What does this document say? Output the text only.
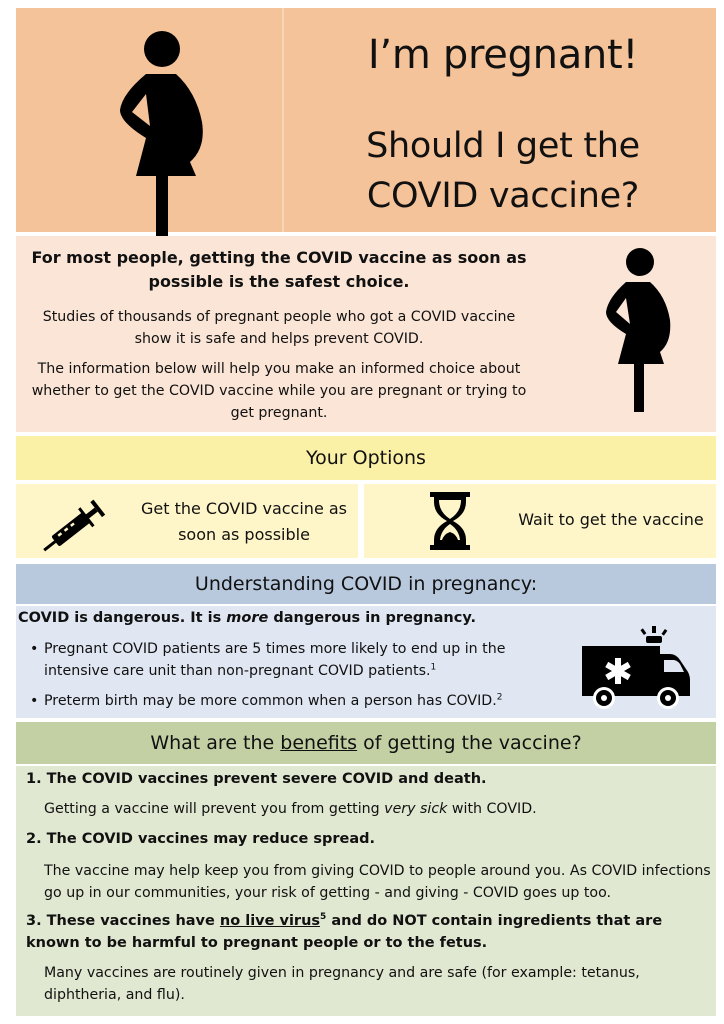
I’m pregnant!
Should I get the
COVID vaccine?
For most people, getting the COVID vaccine as soon as possible is the safest choice.
Studies of thousands of pregnant people who got a COVID vaccine show it is safe and helps prevent COVID.
The information below will help you make an informed choice about whether to get the COVID vaccine while you are pregnant or trying to get pregnant.
Your Options
Get the COVID vaccine as soon as possible
Wait to get the vaccine
Understanding COVID in pregnancy:
COVID is dangerous. It is more dangerous in pregnancy.
• Pregnant COVID patients are 5 times more likely to end up in the intensive care unit than non-pregnant COVID patients.$^1$
• Preterm birth may be more common when a person has COVID.$^2$
What are the benefits of getting the vaccine?
1. The COVID vaccines prevent severe COVID and death.
Getting a vaccine will prevent you from getting very sick with COVID.
2. The COVID vaccines may reduce spread.
The vaccine may help keep you from giving COVID to people around you. As COVID infections go up in our communities, your risk of getting - and giving - COVID goes up too.
3. These vaccines have no live virus$^5$ and do NOT contain ingredients that are known to be harmful to pregnant people or to the fetus.
Many vaccines are routinely given in pregnancy and are safe (for example: tetanus, diphtheria, and flu).
